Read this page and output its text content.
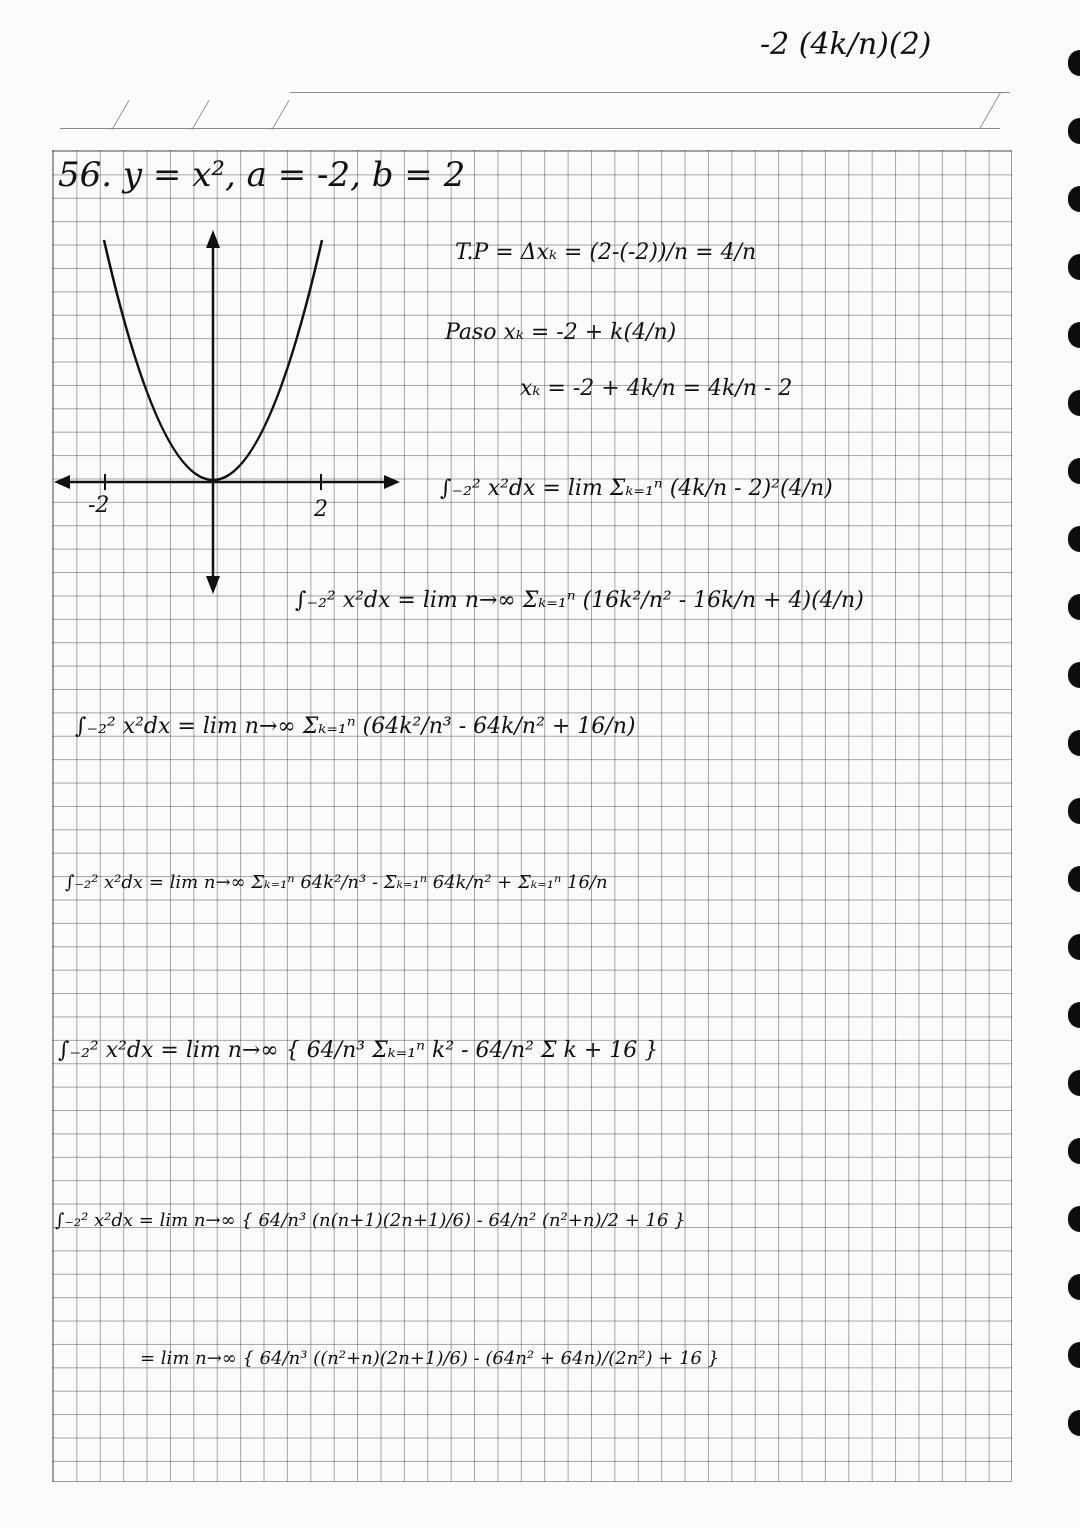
-2 (4k/n)(2)
56. y = x², a = -2, b = 2
-2	2
T.P = Δxₖ = (2-(-2))/n = 4/n
Paso xₖ = -2 + k(4/n)
xₖ = -2 + 4k/n = 4k/n - 2
∫₋₂² x²dx = lim Σₖ₌₁ⁿ (4k/n - 2)²(4/n)
∫₋₂² x²dx = lim n→∞ Σₖ₌₁ⁿ (16k²/n² - 16k/n + 4)(4/n)
∫₋₂² x²dx = lim n→∞ Σₖ₌₁ⁿ (64k²/n³ - 64k/n² + 16/n)
∫₋₂² x²dx = lim n→∞ Σₖ₌₁ⁿ 64k²/n³ - Σₖ₌₁ⁿ 64k/n² + Σₖ₌₁ⁿ 16/n
∫₋₂² x²dx = lim n→∞ { 64/n³ Σₖ₌₁ⁿ k² - 64/n² Σ k + 16 }
∫₋₂² x²dx = lim n→∞ { 64/n³ (n(n+1)(2n+1)/6) - 64/n² (n²+n)/2 + 16 }
= lim n→∞ { 64/n³ ((n²+n)(2n+1)/6) - (64n² + 64n)/(2n²) + 16 }
